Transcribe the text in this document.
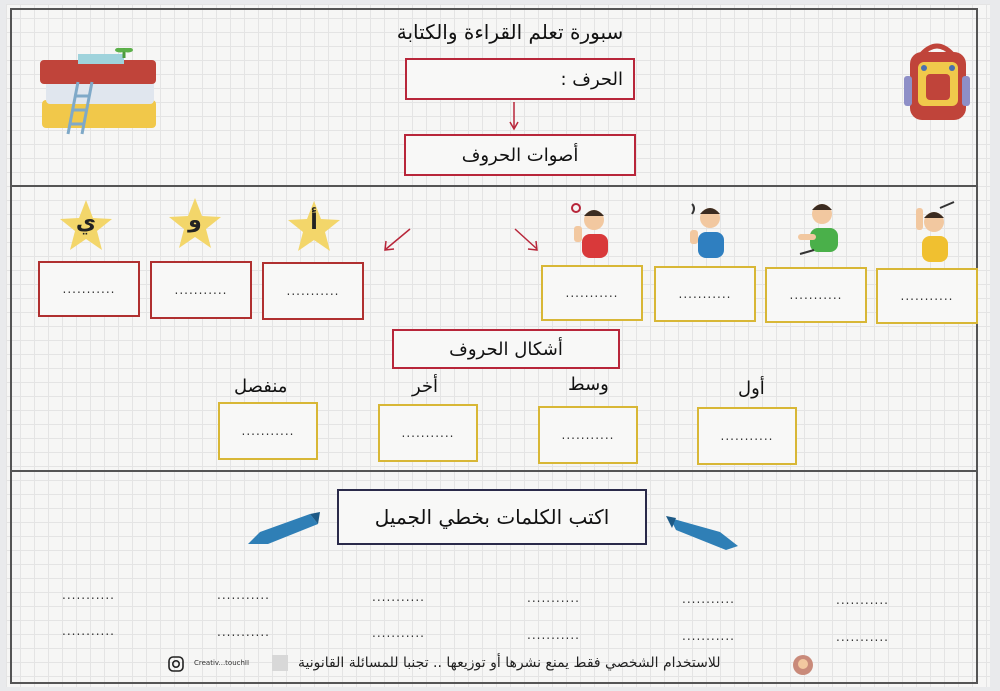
سبورة تعلم القراءة والكتابة
الحرف :
أصوات الحروف
ي	و	أ
...........	...........	...........	...........	...........	...........	...........
أشكال الحروف
منفصل	أخر	وسط	أول
...........	...........	...........	...........
اكتب الكلمات بخطي الجميل
...........	...........	...........	...........	...........	...........
...........	...........	...........	...........	...........	...........
Creativ...touchII	للاستخدام الشخصي فقط يمنع نشرها أو توزيعها .. تجنبا للمسائلة القانونية
